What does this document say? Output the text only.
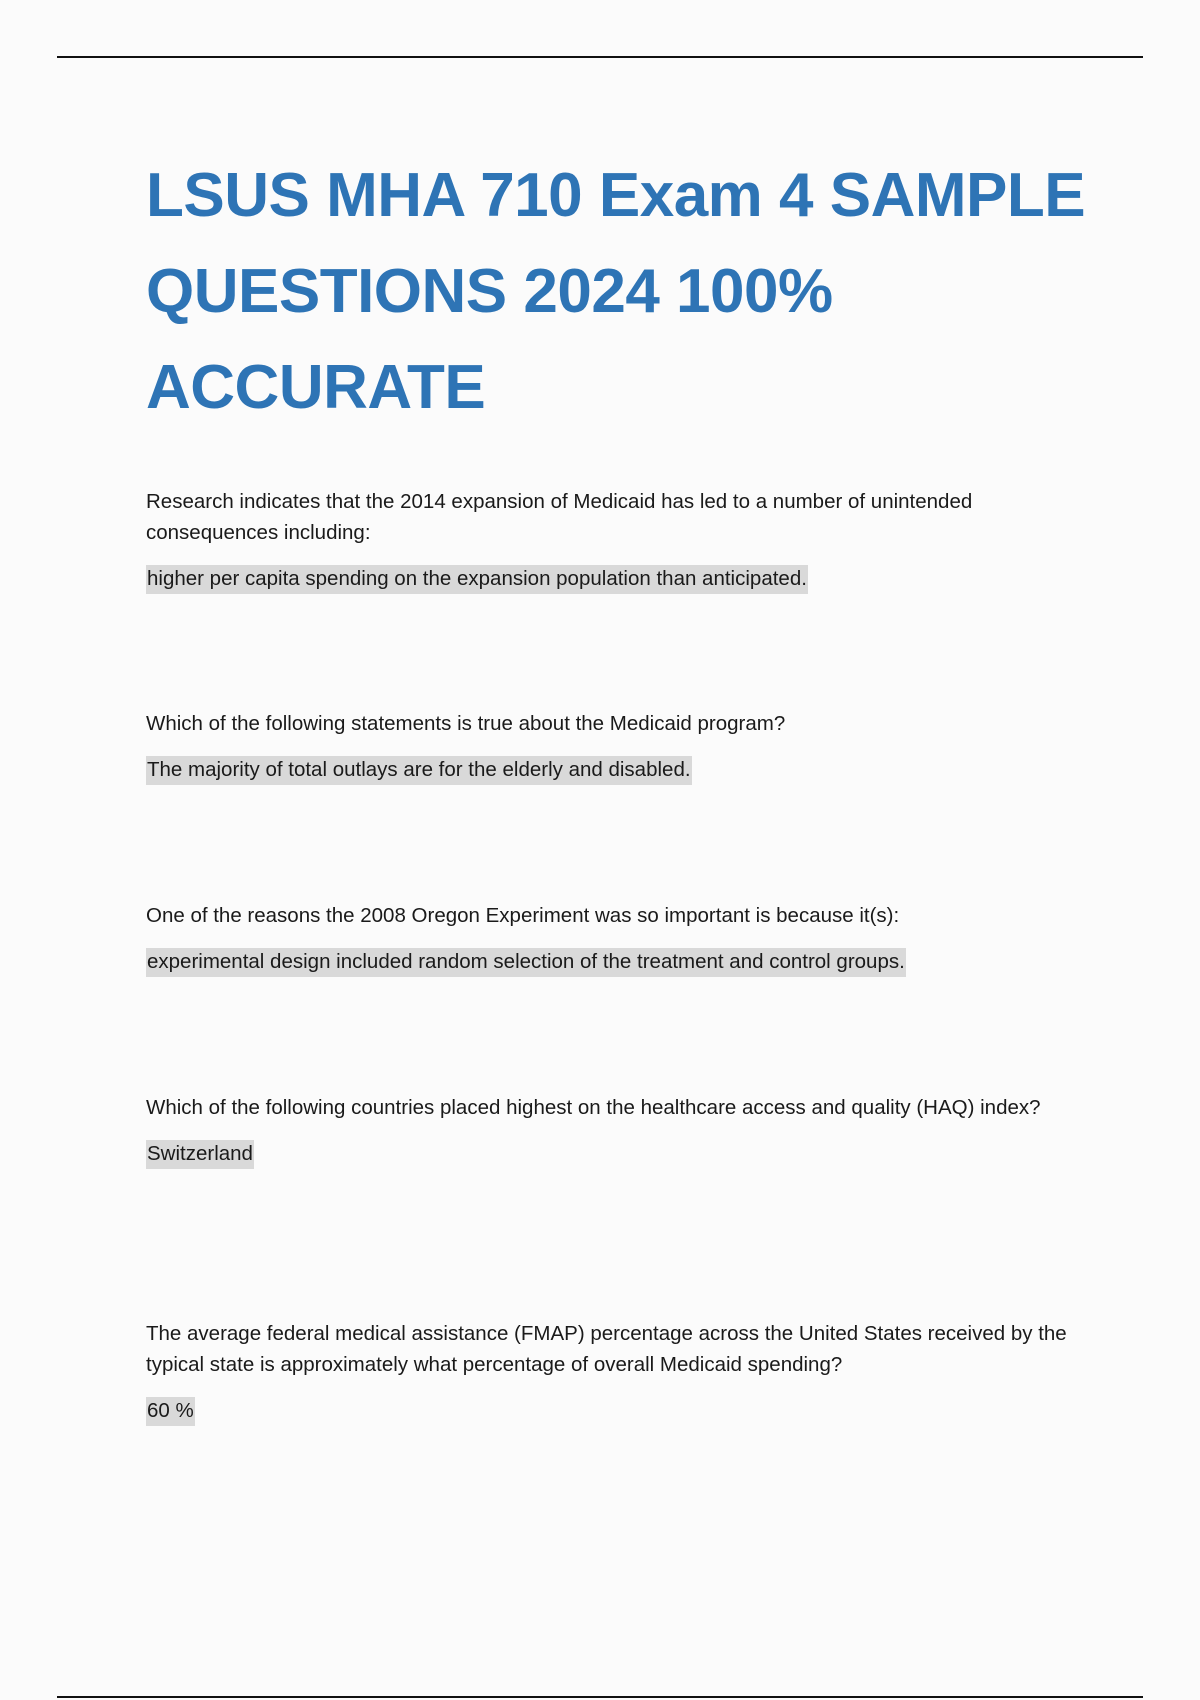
LSUS MHA 710 Exam 4 SAMPLE QUESTIONS 2024 100% ACCURATE

Research indicates that the 2014 expansion of Medicaid has led to a number of unintended consequences including:

higher per capita spending on the expansion population than anticipated.

Which of the following statements is true about the Medicaid program?

The majority of total outlays are for the elderly and disabled.

One of the reasons the 2008 Oregon Experiment was so important is because it(s):

experimental design included random selection of the treatment and control groups.

Which of the following countries placed highest on the healthcare access and quality (HAQ) index?

Switzerland

The average federal medical assistance (FMAP) percentage across the United States received by the typical state is approximately what percentage of overall Medicaid spending?

60 %
